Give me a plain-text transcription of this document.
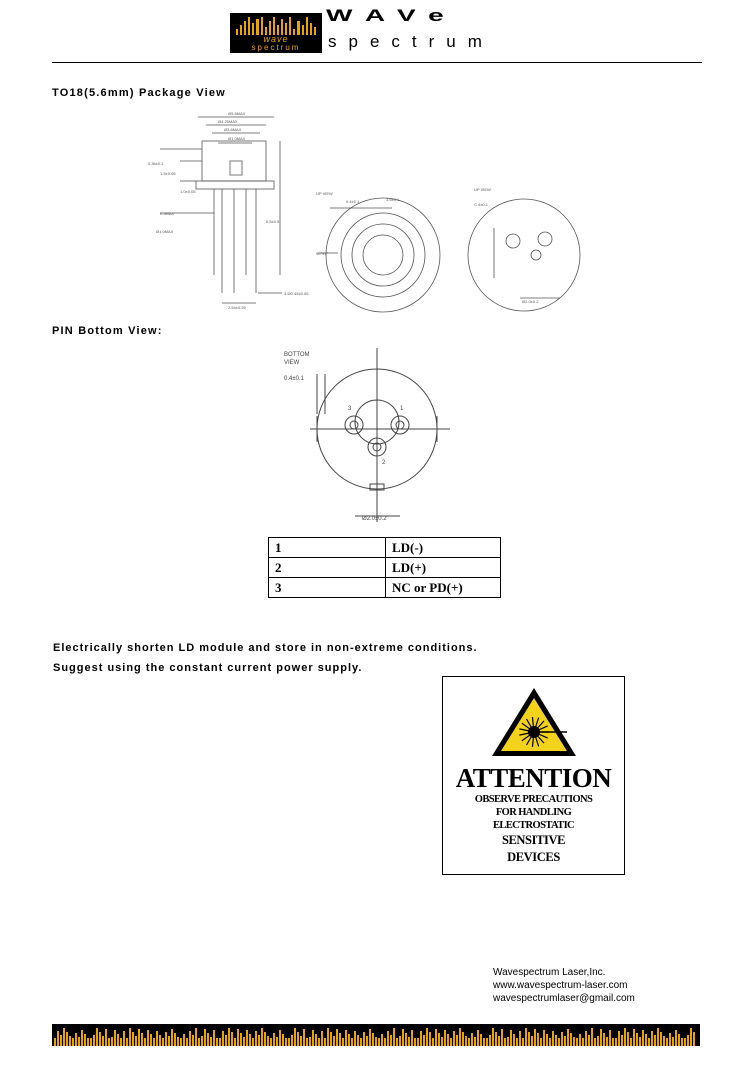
wave
spectrum
WAVe
spectrum
TO18(5.6mm) Package View
Ø5.6MAX
Ø4.25MAX
Ø3.6MAX
Ø1.0MAX
0.36±0.1
1.5±0.05
1.0±0.05
0.5MAX
Ø1.0MAX
6.5±0.5
3-Ø0.45±0.05
2.54±0.25
UP VIEW
0.4±0.1	1.5±0.1
90°±1°
UP VIEW
C.4±0.1
Ø2.0±0.2
PIN Bottom View:
BOTTOM
VIEW
0.4±0.1
3	1
2
Ø2.0±0.2
1	LD(-)
2	LD(+)
3	NC or PD(+)
Electrically shorten LD module and store in non-extreme conditions.
Suggest using the constant current power supply.
ATTENTION
OBSERVE PRECAUTIONS
FOR HANDLING
ELECTROSTATIC
SENSITIVE
DEVICES
Wavespectrum Laser,Inc.
www.wavespectrum-laser.com
wavespectrumlaser@gmail.com
